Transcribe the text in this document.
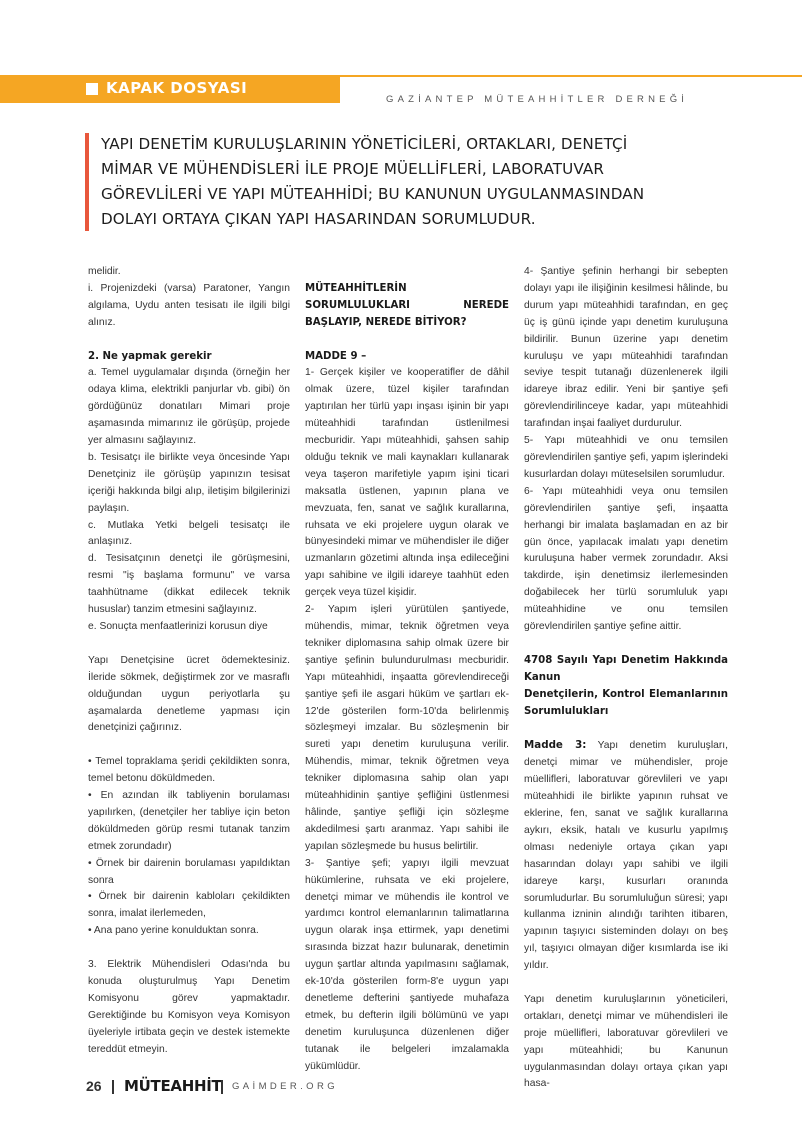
KAPAK DOSYASI
GAZİANTEP MÜTEAHHİTLER DERNEĞİ
YAPI DENETİM KURULUŞLARININ YÖNETİCİLERİ, ORTAKLARI, DENETÇİ
MİMAR VE MÜHENDİSLERİ İLE PROJE MÜELLİFLERİ, LABORATUVAR
GÖREVLİLERİ VE YAPI MÜTEAHHİDİ; BU KANUNUN UYGULANMASINDAN
DOLAYI ORTAYA ÇIKAN YAPI HASARINDAN SORUMLUDUR.

melidir.

i. Projenizdeki (varsa) Paratoner, Yangın algılama, Uydu anten tesisatı ile ilgili bilgi alınız.

2. Ne yapmak gerekir

a. Temel uygulamalar dışında (örneğin her odaya klima, elektrikli panjurlar vb. gibi) ön gördüğünüz donatıları Mimari proje aşamasında mimarınız ile görüşüp, projede yer almasını sağlayınız.

b. Tesisatçı ile birlikte veya öncesinde Yapı Denetçiniz ile görüşüp yapınızın tesisat içeriği hakkında bilgi alıp, iletişim bilgilerinizi paylaşın.

c. Mutlaka Yetki belgeli tesisatçı ile anlaşınız.

d. Tesisatçının denetçi ile görüşmesini, resmi "iş başlama formunu" ve varsa taahhütname (dikkat edilecek teknik hususlar) tanzim etmesini sağlayınız.

e. Sonuçta menfaatlerinizi korusun diye

Yapı Denetçisine ücret ödemektesiniz. İleride sökmek, değiştirmek zor ve masraflı olduğundan uygun periyotlarla şu aşamalarda denetleme yapması için denetçinizi çağırınız.

• Temel topraklama şeridi çekildikten sonra, temel betonu döküldmeden.

• En azından ilk tabliyenin borulaması yapılırken, (denetçiler her tabliye için beton döküldmeden görüp resmi tutanak tanzim etmek zorundadır)

• Örnek bir dairenin borulaması yapıldıktan sonra

• Örnek bir dairenin kabloları çekildikten sonra, imalat ilerlemeden,

• Ana pano yerine konulduktan sonra.

3. Elektrik Mühendisleri Odası'nda bu konuda oluşturulmuş Yapı Denetim Komisyonu görev yapmaktadır. Gerektiğinde bu Komisyon veya Komisyon üyeleriyle irtibata geçin ve destek istemekte tereddüt etmeyin.

MÜTEAHHİTLERİN SORUMLULUKLARI NEREDE BAŞLAYIP, NEREDE BİTİYOR?

MADDE 9 –

1- Gerçek kişiler ve kooperatifler de dâhil olmak üzere, tüzel kişiler tarafından yaptırılan her türlü yapı inşası işinin bir yapı müteahhidi tarafından üstlenilmesi mecburidir. Yapı müteahhidi, şahsen sahip olduğu teknik ve mali kaynakları kullanarak veya taşeron marifetiyle yapım işini ticari maksatla üstlenen, yapının plana ve mevzuata, fen, sanat ve sağlık kurallarına, ruhsata ve eki projelere uygun olarak ve bünyesindeki mimar ve mühendisler ile diğer uzmanların gözetimi altında inşa edileceğini yapı sahibine ve ilgili idareye taahhüt eden gerçek veya tüzel kişidir.

2- Yapım işleri yürütülen şantiyede, mühendis, mimar, teknik öğretmen veya tekniker diplomasına sahip olmak üzere bir şantiye şefinin bulundurulması mecburidir. Yapı müteahhidi, inşaatta görevlendireceği şantiye şefi ile asgari hüküm ve şartları ek-12'de gösterilen form-10'da belirlenmiş sözleşmeyi imzalar. Bu sözleşmenin bir sureti yapı denetim kuruluşuna verilir. Mühendis, mimar, teknik öğretmen veya tekniker diplomasına sahip olan yapı müteahhidinin şantiye şefliğini üstlenmesi hâlinde, şantiye şefliği için sözleşme akdedilmesi şartı aranmaz. Yapı sahibi ile yapılan sözleşmede bu husus belirtilir.

3- Şantiye şefi; yapıyı ilgili mevzuat hükümlerine, ruhsata ve eki projelere, denetçi mimar ve mühendis ile kontrol ve yardımcı kontrol elemanlarının talimatlarına uygun olarak inşa ettirmek, yapı denetimi sırasında bizzat hazır bulunarak, denetimin uygun şartlar altında yapılmasını sağlamak, ek-10'da gösterilen form-8'e uygun yapı denetleme defterini şantiyede muhafaza etmek, bu defterin ilgili bölümünü ve yapı denetim kuruluşunca düzenlenen diğer tutanak ile belgeleri imzalamakla yükümlüdür.

4- Şantiye şefinin herhangi bir sebepten dolayı yapı ile ilişiğinin kesilmesi hâlinde, bu durum yapı müteahhidi tarafından, en geç üç iş günü içinde yapı denetim kuruluşuna bildirilir. Bunun üzerine yapı denetim kuruluşu ve yapı müteahhidi tarafından seviye tespit tutanağı düzenlenerek ilgili idareye ibraz edilir. Yeni bir şantiye şefi görevlendirilinceye kadar, yapı müteahhidi tarafından inşai faaliyet durdurulur.

5- Yapı müteahhidi ve onu temsilen görevlendirilen şantiye şefi, yapım işlerindeki kusurlardan dolayı müteselsilen sorumludur.

6- Yapı müteahhidi veya onu temsilen görevlendirilen şantiye şefi, inşaatta herhangi bir imalata başlamadan en az bir gün önce, yapılacak imalatı yapı denetim kuruluşuna haber vermek zorundadır. Aksi takdirde, işin denetimsiz ilerlemesinden doğabilecek her türlü sorumluluk yapı müteahhidine ve onu temsilen görevlendirilen şantiye şefine aittir.

4708 Sayılı Yapı Denetim Hakkında Kanun

Denetçilerin, Kontrol Elemanlarının Sorumlulukları

Madde 3: Yapı denetim kuruluşları, denetçi mimar ve mühendisler, proje müellifleri, laboratuvar görevlileri ve yapı müteahhidi ile birlikte yapının ruhsat ve eklerine, fen, sanat ve sağlık kurallarına aykırı, eksik, hatalı ve kusurlu yapılmış olması nedeniyle ortaya çıkan yapı hasarından dolayı yapı sahibi ve ilgili idareye karşı, kusurları oranında sorumludurlar. Bu sorumluluğun süresi; yapı kullanma izninin alındığı tarihten itibaren, yapının taşıyıcı sisteminden dolayı on beş yıl, taşıyıcı olmayan diğer kısımlarda ise iki yıldır.

Yapı denetim kuruluşlarının yöneticileri, ortakları, denetçi mimar ve mühendisleri ile proje müellifleri, laboratuvar görevlileri ve yapı müteahhidi; bu Kanunun uygulanmasından dolayı ortaya çıkan yapı hasa-

26 MÜTEAHHİT GAİMDER.ORG
